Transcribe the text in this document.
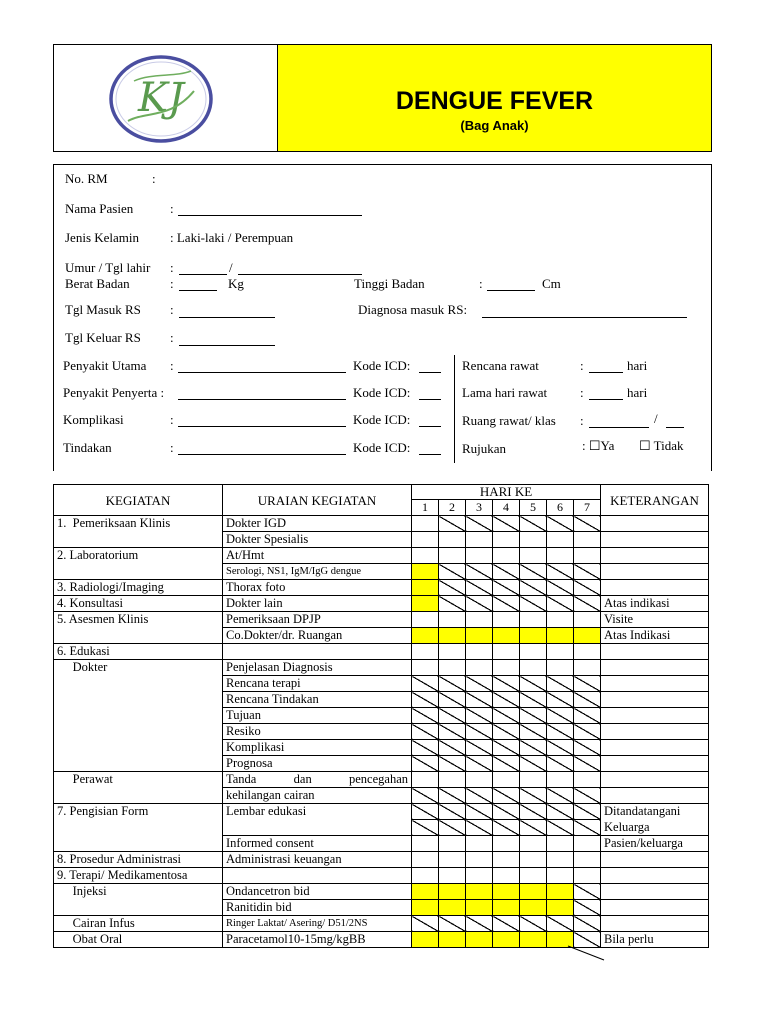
KJ	DENGUE FEVER
(Bag Anak)
No. RM	:
Nama Pasien	:
Jenis Kelamin : Laki-laki / Perempuan
Umur / Tgl lahir :	/
Berat Badan	:	Kg	Tinggi Badan	:	Cm
Tgl Masuk RS :	Diagnosa masuk RS:
Tgl Keluar RS :
Penyakit Utama :	Kode ICD:
Penyakit Penyerta :	Kode ICD:
Komplikasi	:	Kode ICD:
Tindakan	:	Kode ICD:
Rencana rawat	:	hari
Lama hari rawat	:	hari
Ruang rawat/ klas :	/
Rujukan	: ☐Ya ☐ Tidak
KEGIATAN	URAIAN KEGIATAN	HARI KE							KETERANGAN
		1	2	3	4	5	6	7	
1.  Pemeriksaan Klinis	Dokter IGD								
	Dokter Spesialis								
2. Laboratorium	At/Hmt								
	Serologi, NS1, IgM/IgG dengue								
3. Radiologi/Imaging	Thorax foto								
4. Konsultasi	Dokter lain								Atas indikasi
5. Asesmen Klinis	Pemeriksaan DPJP								Visite
	Co.Dokter/dr. Ruangan								Atas Indikasi
6. Edukasi									
Dokter	Penjelasan Diagnosis								
	Rencana terapi								
	Rencana Tindakan								
	Tujuan								
	Resiko								
	Komplikasi								
	Prognosa								
Perawat	Tanda dan pencegahan								

	kehilangan cairan								
7. Pengisian Form	Lembar edukasi								Ditandatangani
									Keluarga
	Informed consent								Pasien/keluarga
8. Prosedur Administrasi	Administrasi keuangan								
9. Terapi/ Medikamentosa									
Injeksi	Ondancetron bid								
	Ranitidin bid								
Cairan Infus	Ringer Laktat/ Asering/ D51/2NS								
Obat Oral	Paracetamol10-15mg/kgBB								Bila perlu
